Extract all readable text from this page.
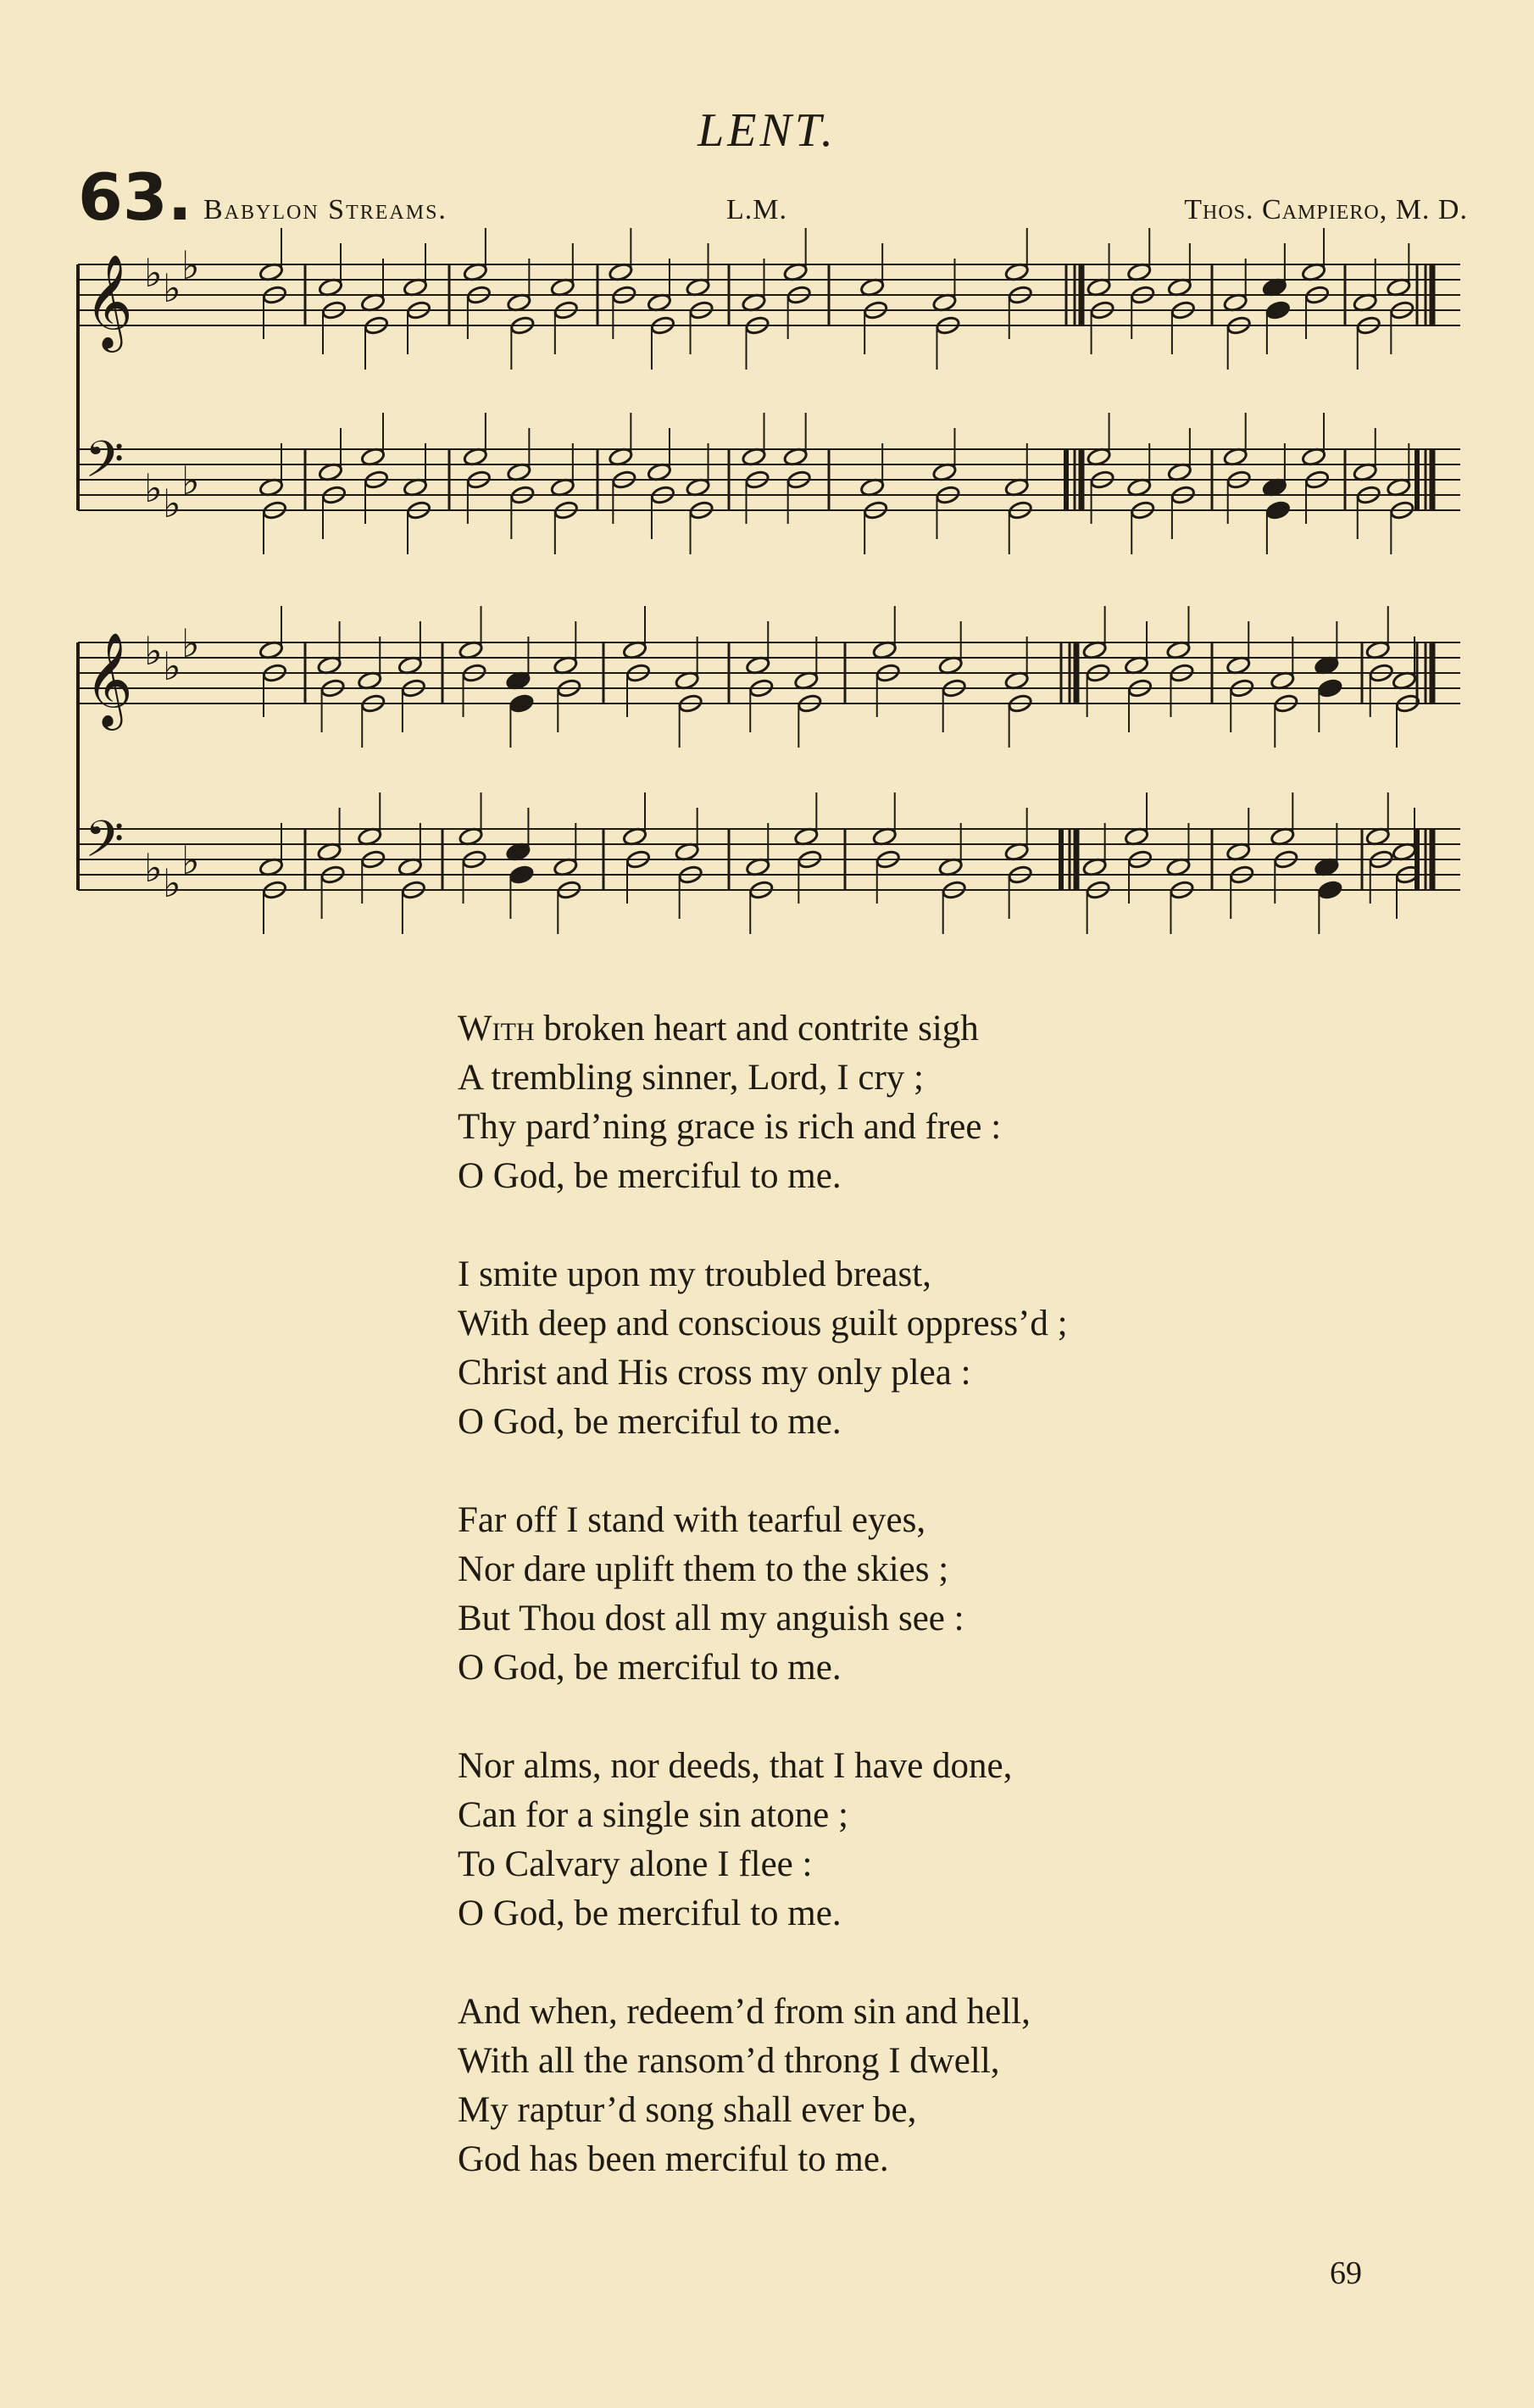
LENT.
63. Babylon Streams.	L.M.	Thos. Campiero, M. D.
𝄞
𝄢
♭ ♭ ♭
♭ ♭ ♭
𝄞
𝄢
♭ ♭ ♭
♭ ♭ ♭
With broken heart and contrite sigh
A trembling sinner, Lord, I cry ;
Thy pard’ning grace is rich and free :
O God, be merciful to me.
I smite upon my troubled breast,
With deep and conscious guilt oppress’d ;
Christ and His cross my only plea :
O God, be merciful to me.
Far off I stand with tearful eyes,
Nor dare uplift them to the skies ;
But Thou dost all my anguish see :
O God, be merciful to me.
Nor alms, nor deeds, that I have done,
Can for a single sin atone ;
To Calvary alone I flee :
O God, be merciful to me.
And when, redeem’d from sin and hell,
With all the ransom’d throng I dwell,
My raptur’d song shall ever be,
God has been merciful to me.
69
